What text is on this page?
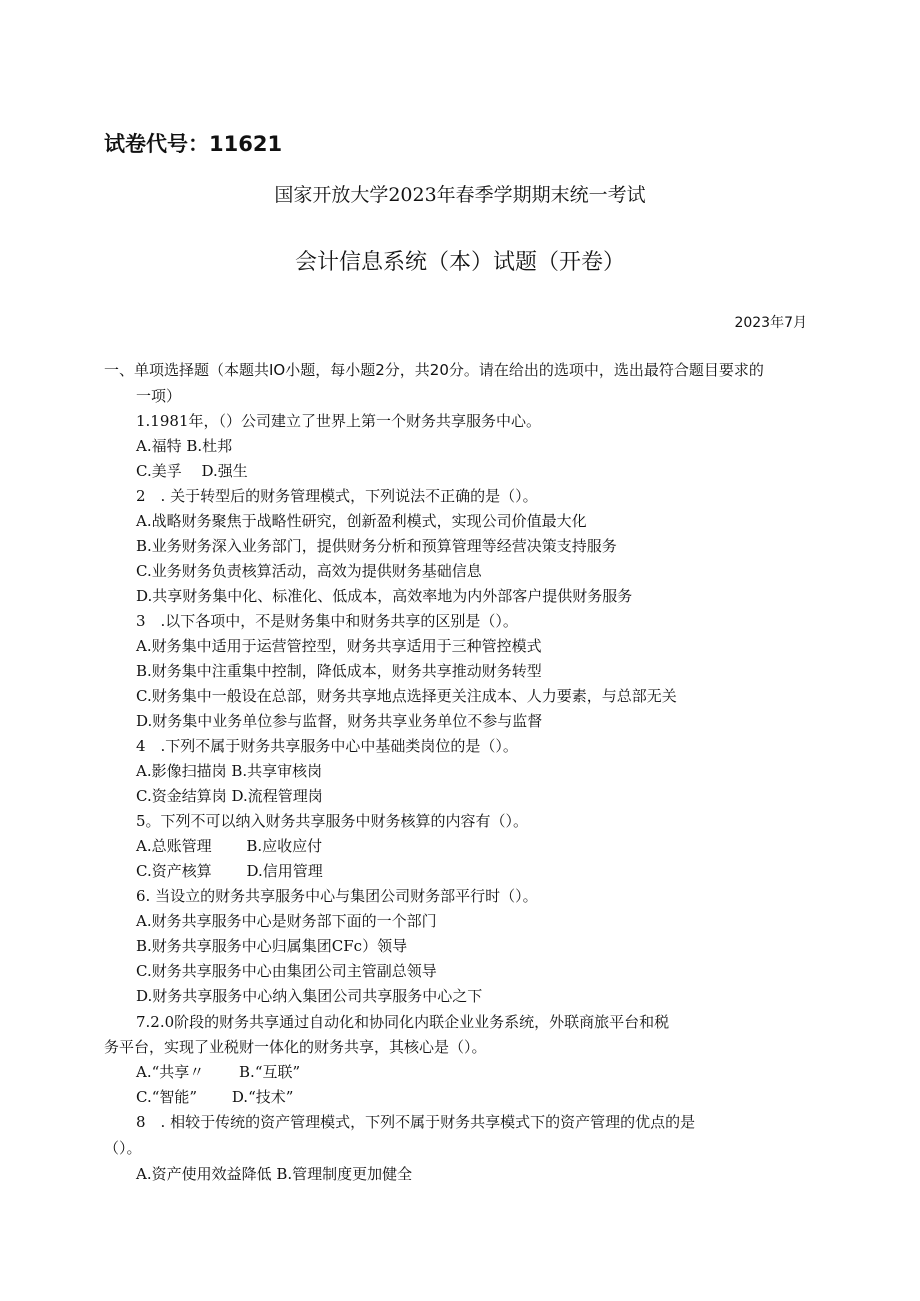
试卷代号：11621
国家开放大学2023年春季学期期末统一考试
会计信息系统（本）试题（开卷）
2023年7月
一、单项选择题（本题共IO小题，每小题2分，共20分。请在给出的选项中，选出最符合题目要求的
一项）
1.1981年，（）公司建立了世界上第一个财务共享服务中心。
A.福特 B.杜邦
C.美孚　 D.强生
2　. 关于转型后的财务管理模式，下列说法不正确的是（）。
A.战略财务聚焦于战略性研究，创新盈利模式，实现公司价值最大化
B.业务财务深入业务部门，提供财务分析和预算管理等经营决策支持服务
C.业务财务负责核算活动，高效为提供财务基础信息
D.共享财务集中化、标准化、低成本，高效率地为内外部客户提供财务服务
3　.以下各项中，不是财务集中和财务共享的区别是（）。
A.财务集中适用于运营管控型，财务共享适用于三种管控模式
B.财务集中注重集中控制，降低成本，财务共享推动财务转型
C.财务集中一般设在总部，财务共享地点选择更关注成本、人力要素，与总部无关
D.财务集中业务单位参与监督，财务共享业务单位不参与监督
4　.下列不属于财务共享服务中心中基础类岗位的是（）。
A.影像扫描岗 B.共享审核岗
C.资金结算岗 D.流程管理岗
5。下列不可以纳入财务共享服务中财务核算的内容有（）。
A.总账管理　　 B.应收应付
C.资产核算　　 D.信用管理
6. 当设立的财务共享服务中心与集团公司财务部平行时（）。
A.财务共享服务中心是财务部下面的一个部门
B.财务共享服务中心归属集团CFc）领导
C.财务共享服务中心由集团公司主管副总领导
D.财务共享服务中心纳入集团公司共享服务中心之下
7.2.0阶段的财务共享通过自动化和协同化内联企业业务系统，外联商旅平台和税
务平台，实现了业税财一体化的财务共享，其核心是（）。
A.“共享〃　　 B.“互联”
C.“智能”　　 D.“技术”
8　. 相较于传统的资产管理模式，下列不属于财务共享模式下的资产管理的优点的是
（）。
A.资产使用效益降低 B.管理制度更加健全
